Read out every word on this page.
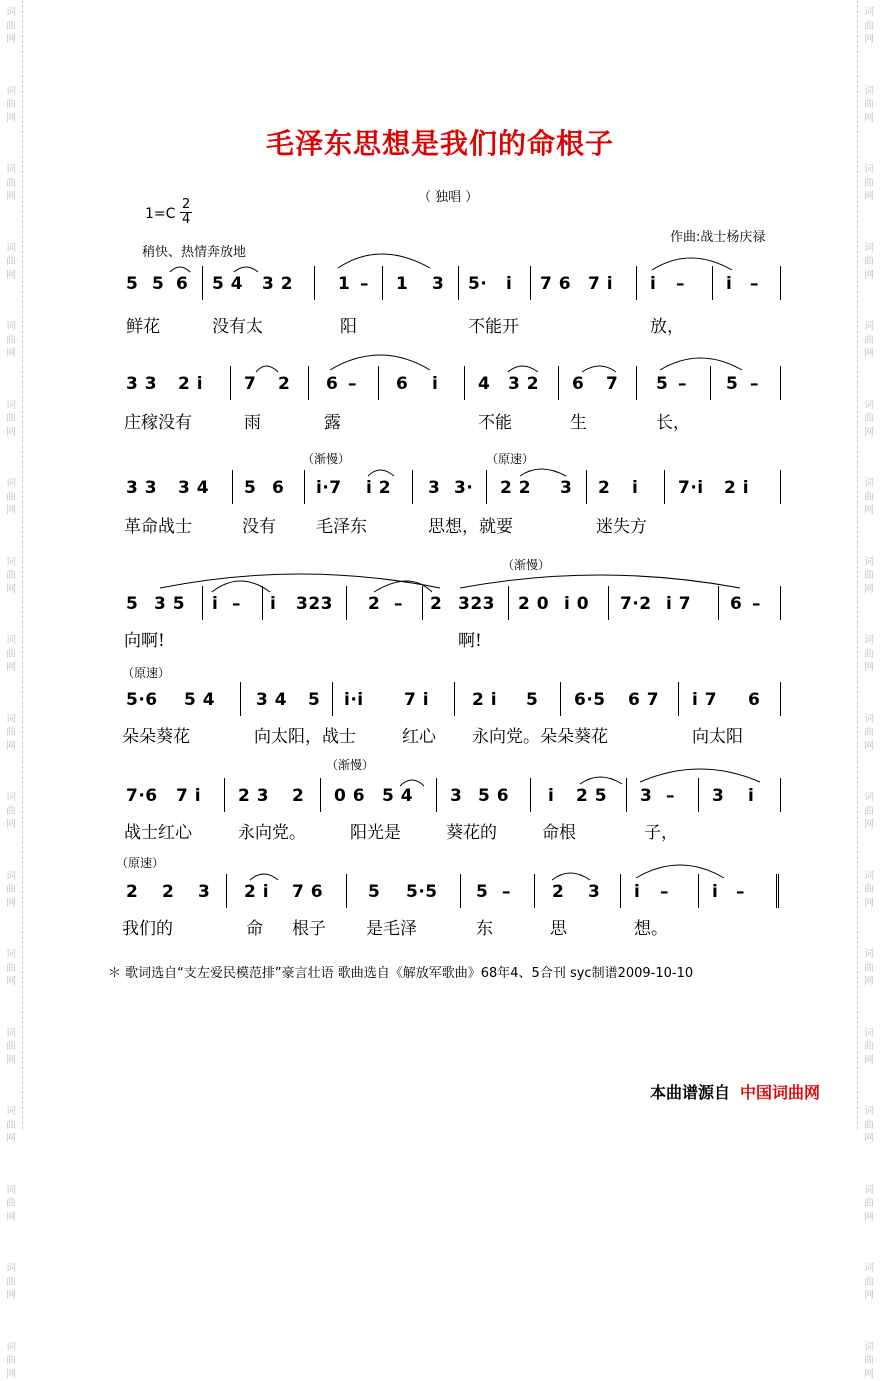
词
曲
网
词
曲
网
词
曲
网
词
曲
网
词
曲
网
词
曲
网
词
曲
网
词
曲
网
词
曲
网
词
曲
网
词
曲
网
词
曲
网
词
曲
网
词
曲
网
词
曲
网
词
曲
网
词
曲
网
词
曲
网
词
曲
网
词
曲
网
词
曲
网
词
曲
网
词
曲
网
词
曲
网
词
曲
网
词
曲
网
词
曲
网
词
曲
网
词
曲
网
词
曲
网
词
曲
网
词
曲
网
词
曲
网
词
曲
网
词
曲
网
词
曲
网
毛泽东思想是我们的命根子
（ 独唱 ）
1=C
2
4
稍快、热情奔放地
作曲:战士杨庆禄
5 5 6 5 4 3 2	1 – 1 3 5· i 7 6 7 i i – i –
鲜花	没有太	阳	不能开	放，
3 3 2 i 7 2 6 – 6 i 4 3 2 6 7 5 – 5 –
庄稼没有	雨	露	不能	生	长，
（渐慢）	（原速）
3 3 3 4 5 6 i·7 i 2 3 3· 2 2 3 2 i 7·i 2 i
革命战士	没有 毛泽东	思想，就要	迷失方
（渐慢）
5 3 5 i – i 323 2 – 2 323 2 0 i 0 7·2 i 7 6 –
向啊!	啊!
（原速）
5·6 5 4 3 4 5 i·i 7 i	2 i 5 6·5 6 7 i 7 6
朵朵葵花	向太阳，战士	红心 永向党。朵朵葵花	向太阳
（渐慢）
7·6 7 i 2 3 2 0 6 5 4 3 5 6 i 2 5 3 – 3 i
战士红心	永向党。	阳光是	葵花的	命根	子，
（原速）
2 2 3 2 i 7 6	5 5·5 5 – 2 3 i –	i –
我们的	命 根子 是毛泽	东	思	想。
＊ 歌词选自“支左爱民模范排”豪言壮语 歌曲选自《解放军歌曲》68年4、5合刊 syc制谱2009-10-10
本曲谱源自 中国词曲网
